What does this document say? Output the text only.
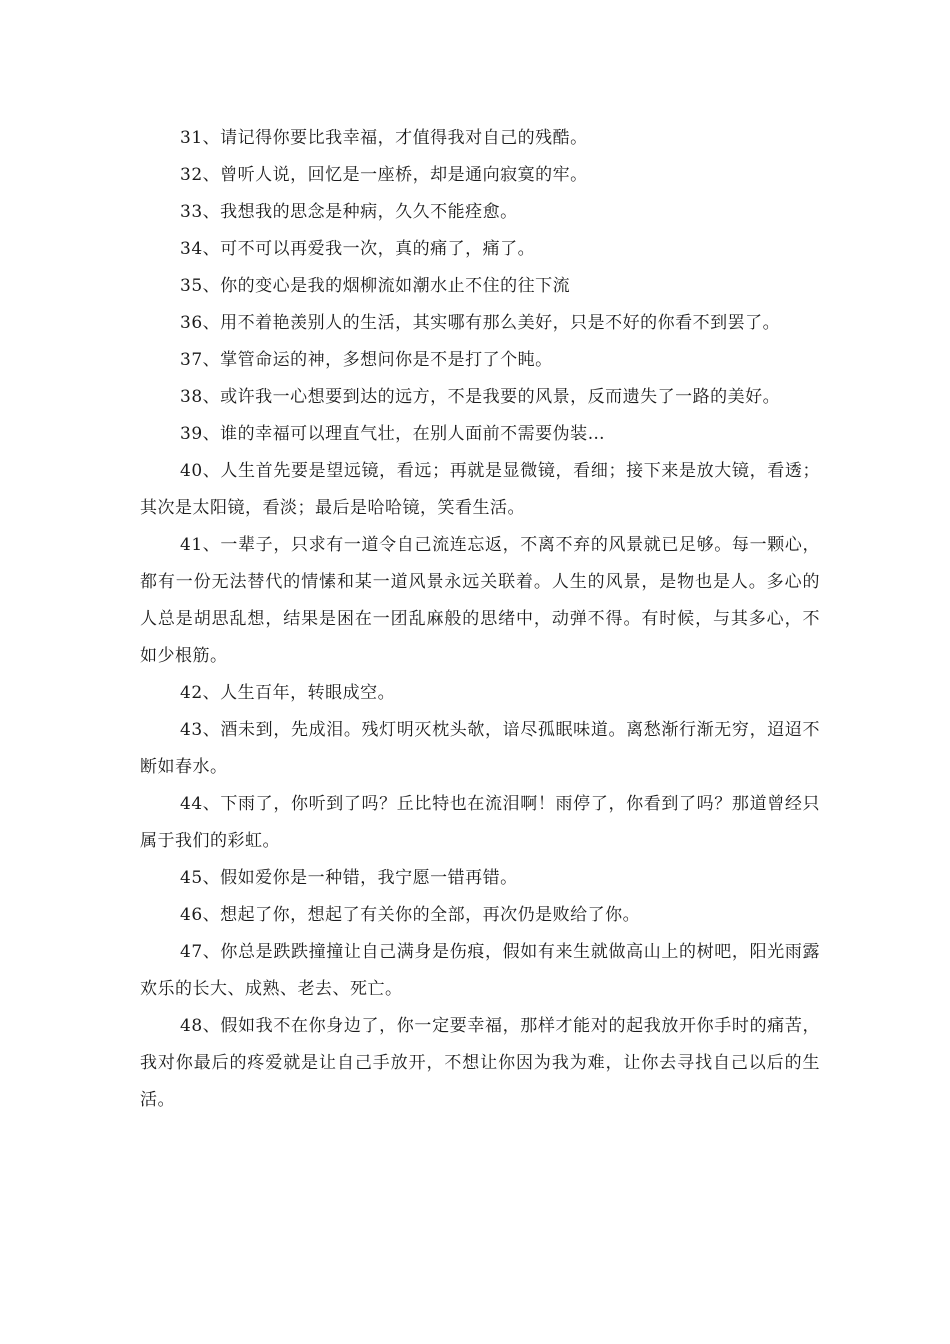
31、请记得你要比我幸福，才值得我对自己的残酷。

32、曾听人说，回忆是一座桥，却是通向寂寞的牢。

33、我想我的思念是种病，久久不能痊愈。

34、可不可以再爱我一次，真的痛了，痛了。

35、你的变心是我的烟柳流如潮水止不住的往下流

36、用不着艳羡别人的生活，其实哪有那么美好，只是不好的你看不到罢了。

37、掌管命运的神，多想问你是不是打了个盹。

38、或许我一心想要到达的远方，不是我要的风景，反而遗失了一路的美好。

39、谁的幸福可以理直气壮，在别人面前不需要伪装…

40、人生首先要是望远镜，看远；再就是显微镜，看细；接下来是放大镜，看透；其次是太阳镜，看淡；最后是哈哈镜，笑看生活。

41、一辈子，只求有一道令自己流连忘返，不离不弃的风景就已足够。每一颗心，都有一份无法替代的情愫和某一道风景永远关联着。人生的风景，是物也是人。多心的人总是胡思乱想，结果是困在一团乱麻般的思绪中，动弹不得。有时候，与其多心，不如少根筋。

42、人生百年，转眼成空。

43、酒未到，先成泪。残灯明灭枕头欹，谙尽孤眠味道。离愁渐行渐无穷，迢迢不断如春水。

44、下雨了，你听到了吗？丘比特也在流泪啊！雨停了，你看到了吗？那道曾经只属于我们的彩虹。

45、假如爱你是一种错，我宁愿一错再错。

46、想起了你，想起了有关你的全部，再次仍是败给了你。

47、你总是跌跌撞撞让自己满身是伤痕，假如有来生就做高山上的树吧，阳光雨露欢乐的长大、成熟、老去、死亡。

48、假如我不在你身边了，你一定要幸福，那样才能对的起我放开你手时的痛苦，我对你最后的疼爱就是让自己手放开，不想让你因为我为难，让你去寻找自己以后的生活。
